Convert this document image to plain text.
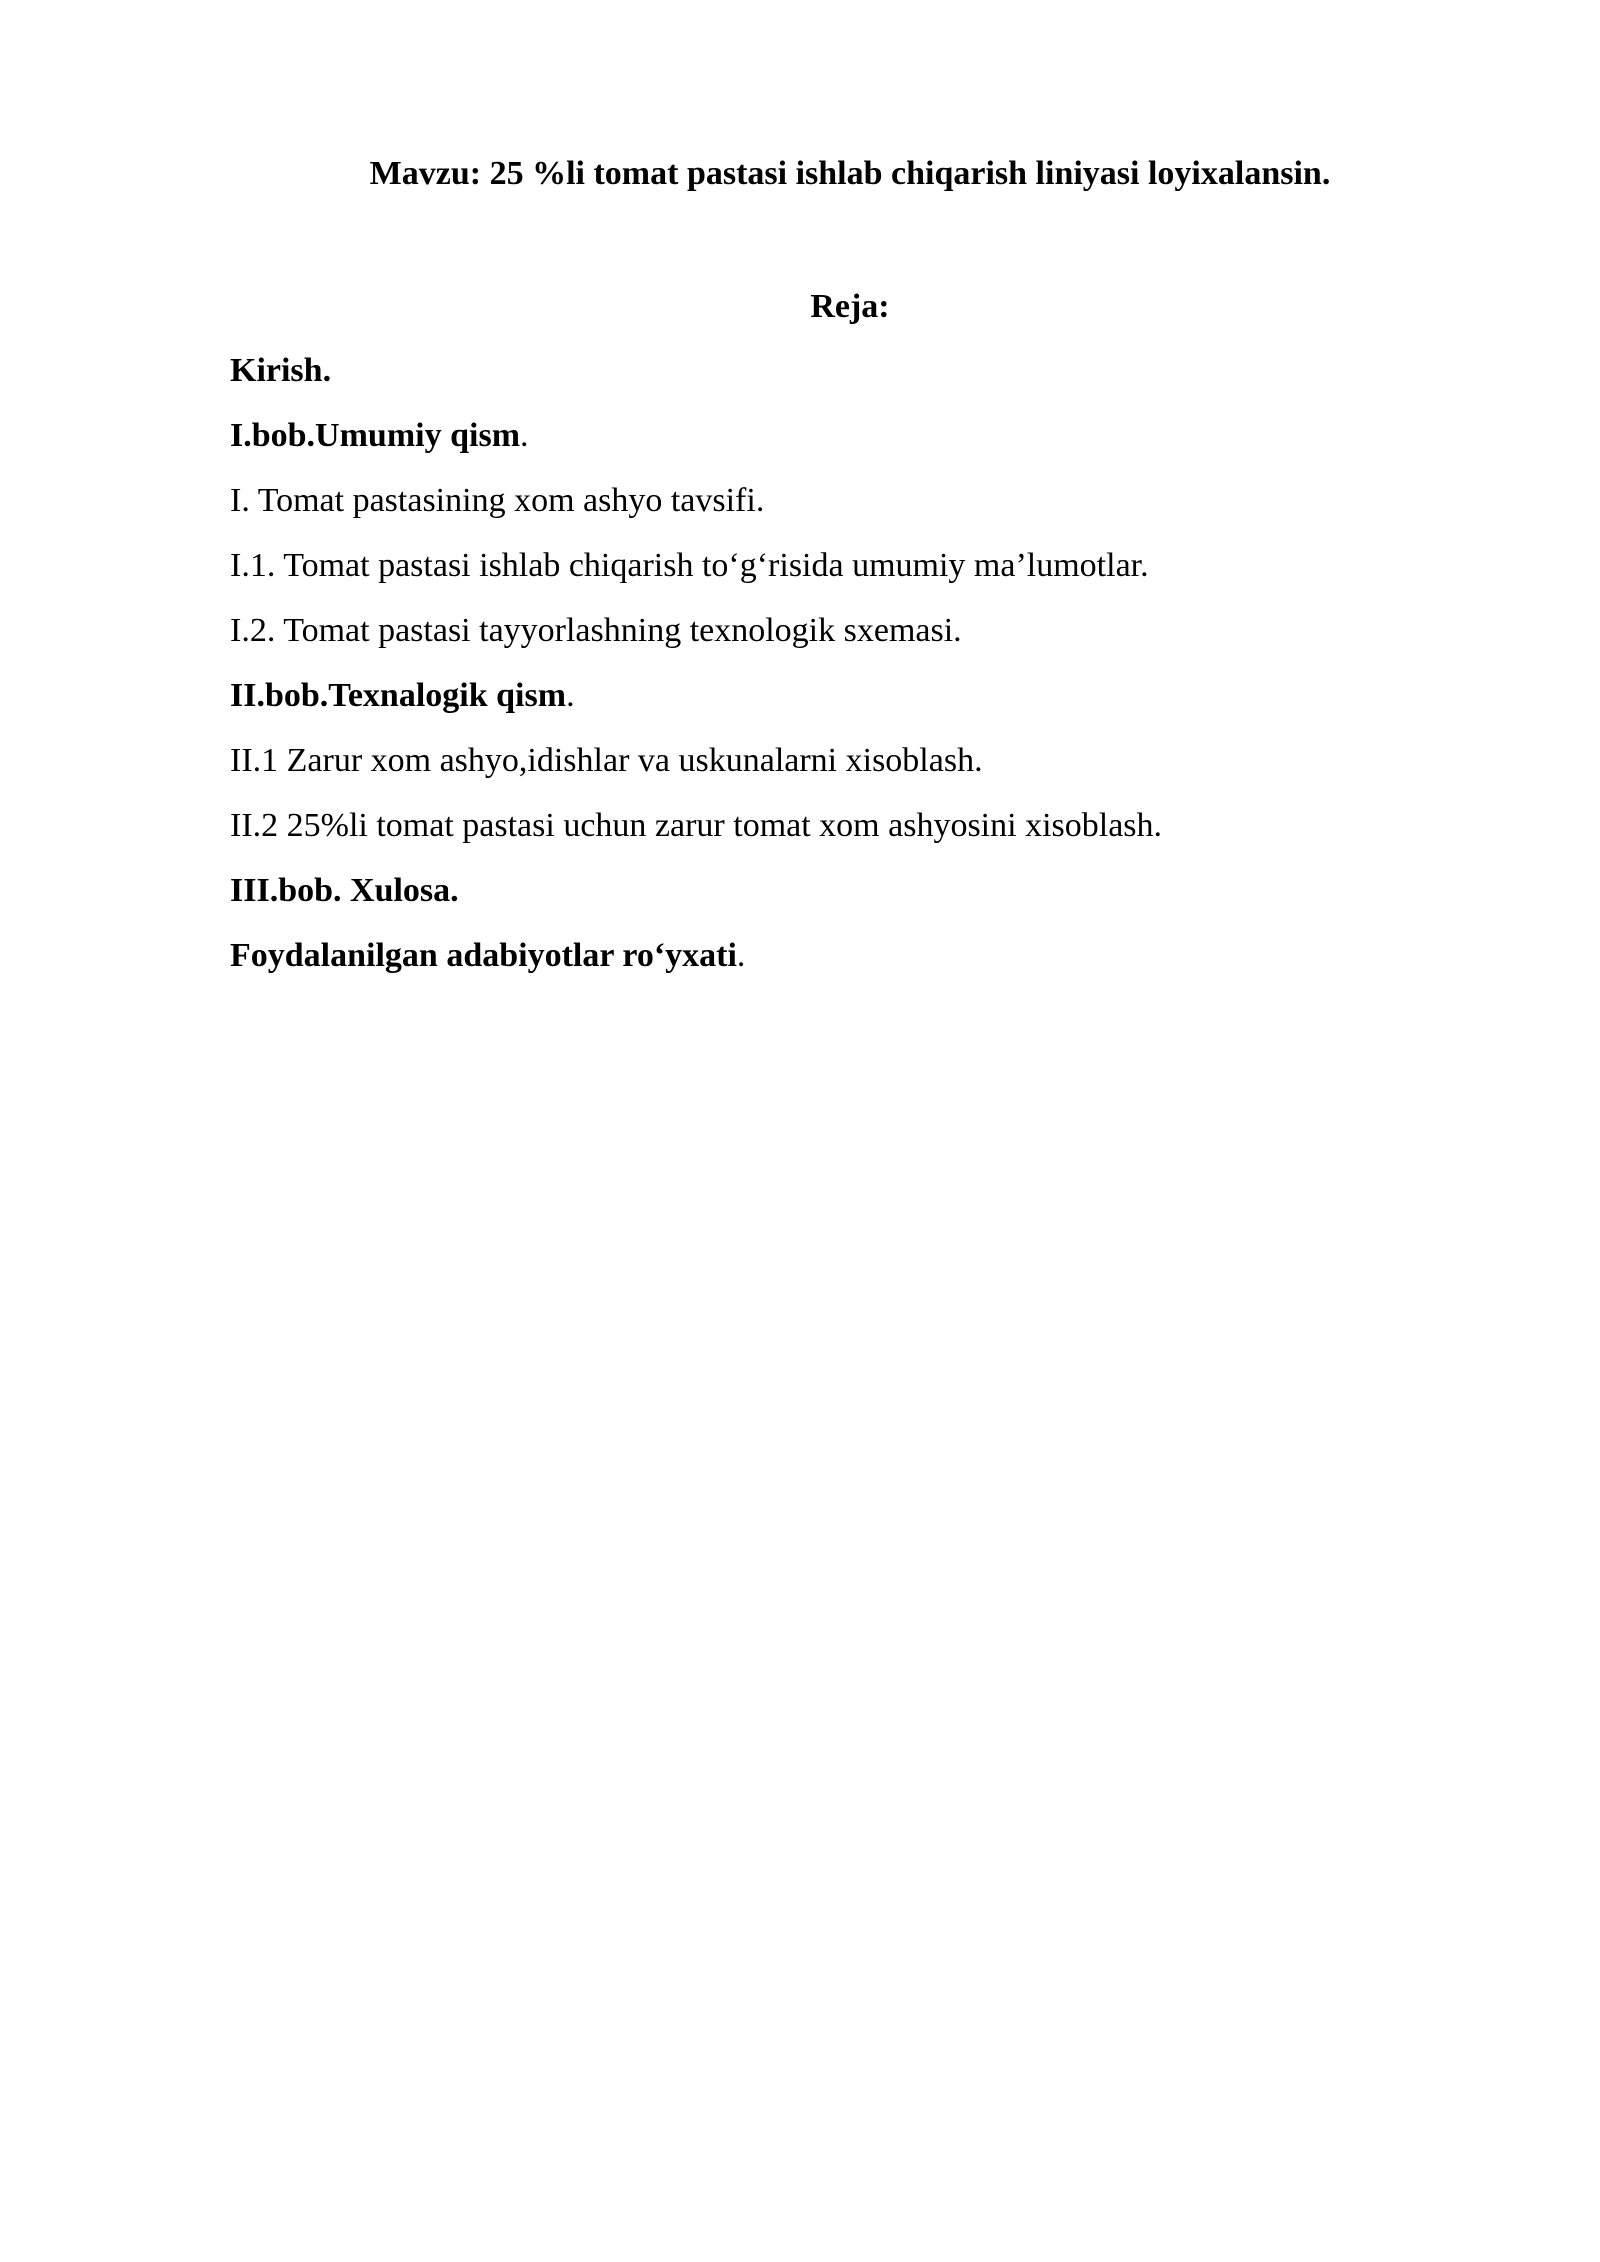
Mavzu: 25 %li tomat pastasi ishlab chiqarish liniyasi loyixalansin.
Reja:
Kirish.
I.bob.Umumiy qism.
I. Tomat pastasining xom ashyo tavsifi.
I.1. Tomat pastasi ishlab chiqarish to‘g‘risida umumiy ma’lumotlar.
I.2. Tomat pastasi tayyorlashning texnologik sxemasi.
II.bob.Texnalogik qism.
II.1 Zarur xom ashyo,idishlar va uskunalarni xisoblash.
II.2 25%li tomat pastasi uchun zarur tomat xom ashyosini xisoblash.
III.bob. Xulosa.
Foydalanilgan adabiyotlar ro‘yxati.
